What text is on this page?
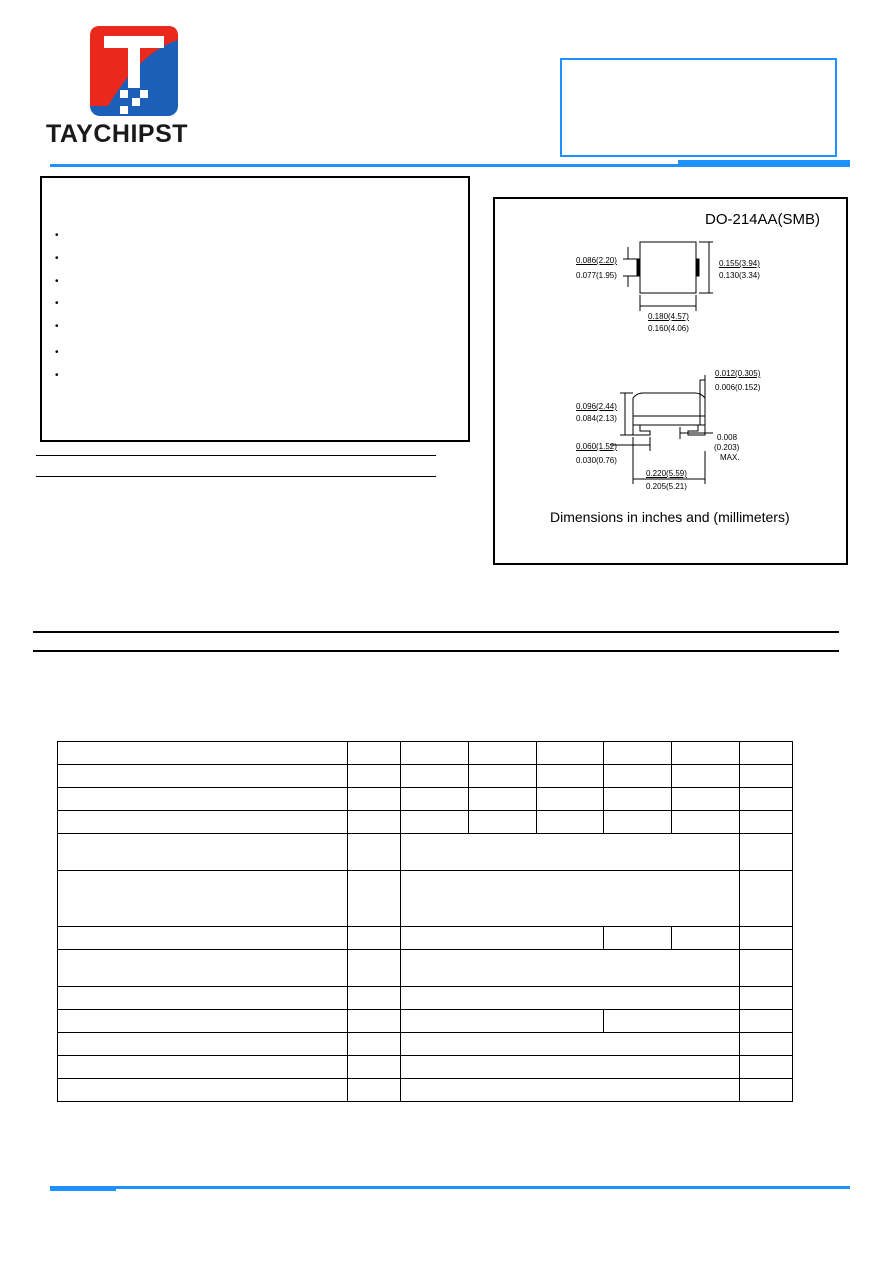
TAYCHIPST
•
•
•
•
•
•
•
DO-214AA(SMB)
0.086(2.20)
0.077(1.95)
0.155(3.94)
0.130(3.34)
0.180(4.57)
0.160(4.06)
0.012(0.305)
0.006(0.152)
0.096(2.44)
0.084(2.13)
0.008
(0.203)
MAX.
0.060(1.52)
0.030(0.76)
0.220(5.59)
0.205(5.21)
Dimensions in inches and (millimeters)
